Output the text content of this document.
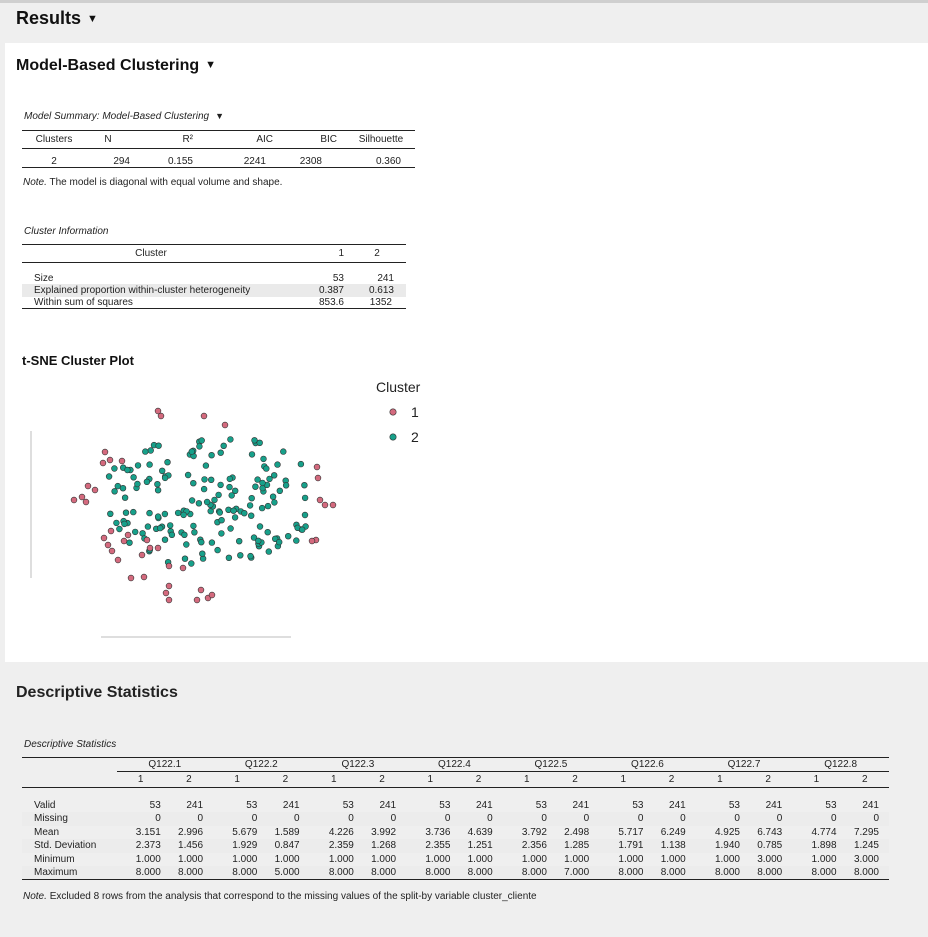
Results ▼
Model-Based Clustering ▼
Model Summary: Model-Based Clustering ▼
Clusters	N	R²	AIC	BIC	Silhouette

2	294	0.155	2241	2308	0.360
Note. The model is diagonal with equal volume and shape.
Cluster Information
Cluster	1	2

Size	53	241
Explained proportion within-cluster heterogeneity	0.387	0.613
Within sum of squares	853.6	1352
t-SNE Cluster Plot
Cluster
1
2
Descriptive Statistics
Descriptive Statistics
	Q122.1		Q122.2		Q122.3		Q122.4		Q122.5		Q122.6		Q122.7		Q122.8	
	1	2	1	2	1	2	1	2	1	2	1	2	1	2	1	2

Valid	53	241	53	241	53	241	53	241	53	241	53	241	53	241	53	241
Missing	0	0	0	0	0	0	0	0	0	0	0	0	0	0	0	0
Mean	3.151	2.996	5.679	1.589	4.226	3.992	3.736	4.639	3.792	2.498	5.717	6.249	4.925	6.743	4.774	7.295
Std. Deviation	2.373	1.456	1.929	0.847	2.359	1.268	2.355	1.251	2.356	1.285	1.791	1.138	1.940	0.785	1.898	1.245
Minimum	1.000	1.000	1.000	1.000	1.000	1.000	1.000	1.000	1.000	1.000	1.000	1.000	1.000	3.000	1.000	3.000
Maximum	8.000	8.000	8.000	5.000	8.000	8.000	8.000	8.000	8.000	7.000	8.000	8.000	8.000	8.000	8.000	8.000
Note. Excluded 8 rows from the analysis that correspond to the missing values of the split-by variable cluster_cliente
